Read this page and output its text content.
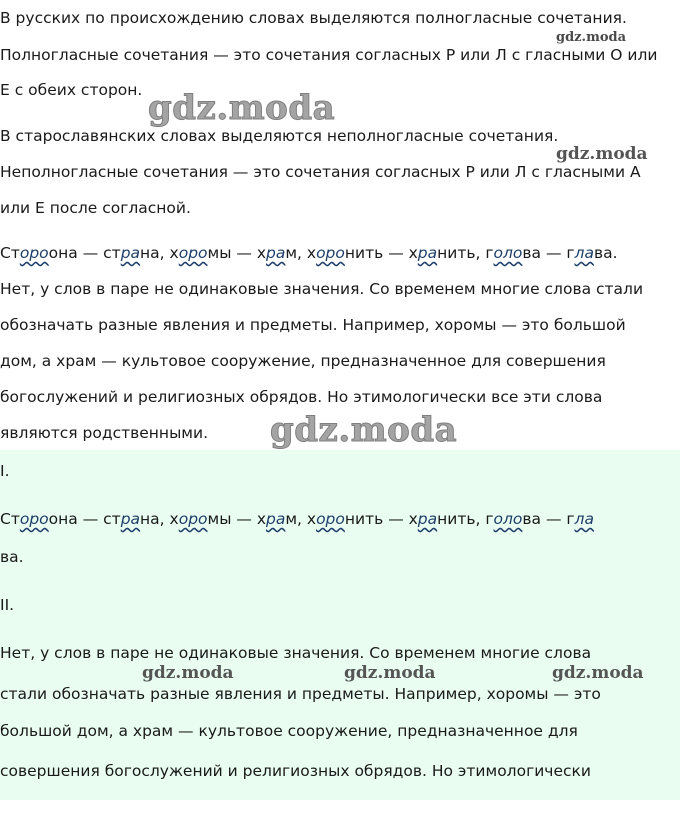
В русских по происхождению словах выделяются полногласные сочетания.
Полногласные сочетания — это сочетания согласных Р или Л с гласными О или
Е с обеих сторон.
В старославянских словах выделяются неполногласные сочетания.
Неполногласные сочетания — это сочетания согласных Р или Л с гласными А
или Е после согласной.
Стороона — страна, хоромы — храм, хоронить — хранить, голова — глава.
Нет, у слов в паре не одинаковые значения. Со временем многие слова стали
обозначать разные явления и предметы. Например, хоромы — это большой
дом, а храм — культовое сооружение, предназначенное для совершения
богослужений и религиозных обрядов. Но этимологически все эти слова
являются родственными.
gdz.moda
gdz.moda
gdz.moda
gdz.moda
I.
Стороона — страна, хоромы — храм, хоронить — хранить, голова — гла
ва.
II.
Нет, у слов в паре не одинаковые значения. Со временем многие слова
стали обозначать разные явления и предметы. Например, хоромы — это
большой дом, а храм — культовое сооружение, предназначенное для
совершения богослужений и религиозных обрядов. Но этимологически
gdz.moda	gdz.moda	gdz.moda
